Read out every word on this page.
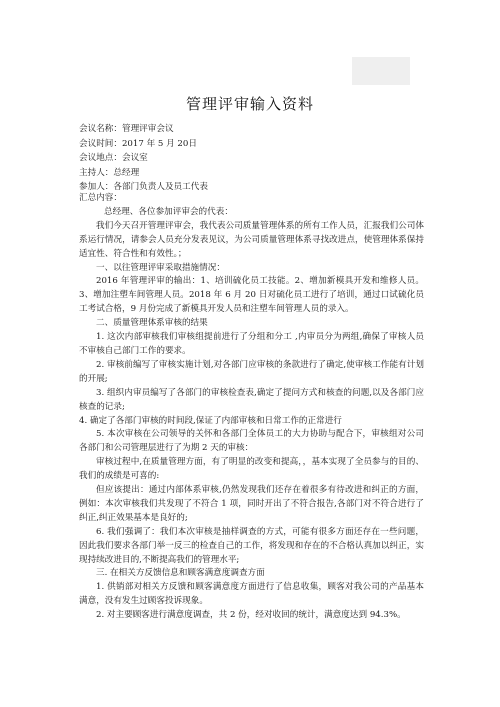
管理评审输入资料
会议名称：管理评审会议
会议时间：2017 年 5 月 20日
会议地点：会议室
主持人：总经理
参加人：各部门负责人及员工代表

汇总内容：

总经理、各位参加评审会的代表：

我们今天召开管理评审会，我代表公司质量管理体系的所有工作人员，汇报我们公司体系运行情况，请参会人员充分发表见议，为公司质量管理体系寻找改进点，使管理体系保持适宜性、符合性和有效性。；

一、以往管理评审采取措施情况：

2016 年管理评审的输出：1、培训硫化员工技能。2、增加新模具开发和维修人员。3、增加注塑车间管理人员。2018 年 6 月 20 日对硫化员工进行了培训，通过口试硫化员工考试合格，9 月份完成了新模具开发人员和注塑车间管理人员的录入。

二、质量管理体系审核的结果

1. 这次内部审核我们审核组提前进行了分组和分工 ,内审员分为两组,确保了审核人员不审核自己部门工作的要求。

2. 审核前编写了审核实施计划,对各部门应审核的条款进行了确定,使审核工作能有计划的开展;

3. 组织内审员编写了各部门的审核检查表,确定了提问方式和核查的问题,以及各部门应核查的记录;

4. 确定了各部门审核的时间段,保证了内部审核和日常工作的正常进行

5. 本次审核在公司领导的关怀和各部门全体员工的大力协助与配合下，审核组对公司各部门和公司管理层进行了为期 2 天的审核：

审核过程中,在质量管理方面，有了明显的改变和提高，，基本实现了全员参与的目的、我们的成绩是可喜的:

但应该提出：通过内部体系审核,仍然发现我们还存在着很多有待改进和纠正的方面，例如：本次审核我们共发现了不符合 1 项，同时开出了不符合报告,各部门对不符合进行了纠正,纠正效果基本是良好的;

6. 我们强调了：我们本次审核是抽样调查的方式，可能有很多方面还存在一些问题，因此我们要求各部门举一反三的检查自己的工作，将发现和存在的不合格认真加以纠正，实现持续改进目的,不断提高我们的管理水平;

三. 在相关方反馈信息和顾客满意度调查方面

1. 供销部对相关方反馈和顾客满意度方面进行了信息收集，顾客对我公司的产品基本满意，没有发生过顾客投诉现象。

2. 对主要顾客进行满意度调查，共 2 份，经对收回的统计，满意度达到 94.3%。
